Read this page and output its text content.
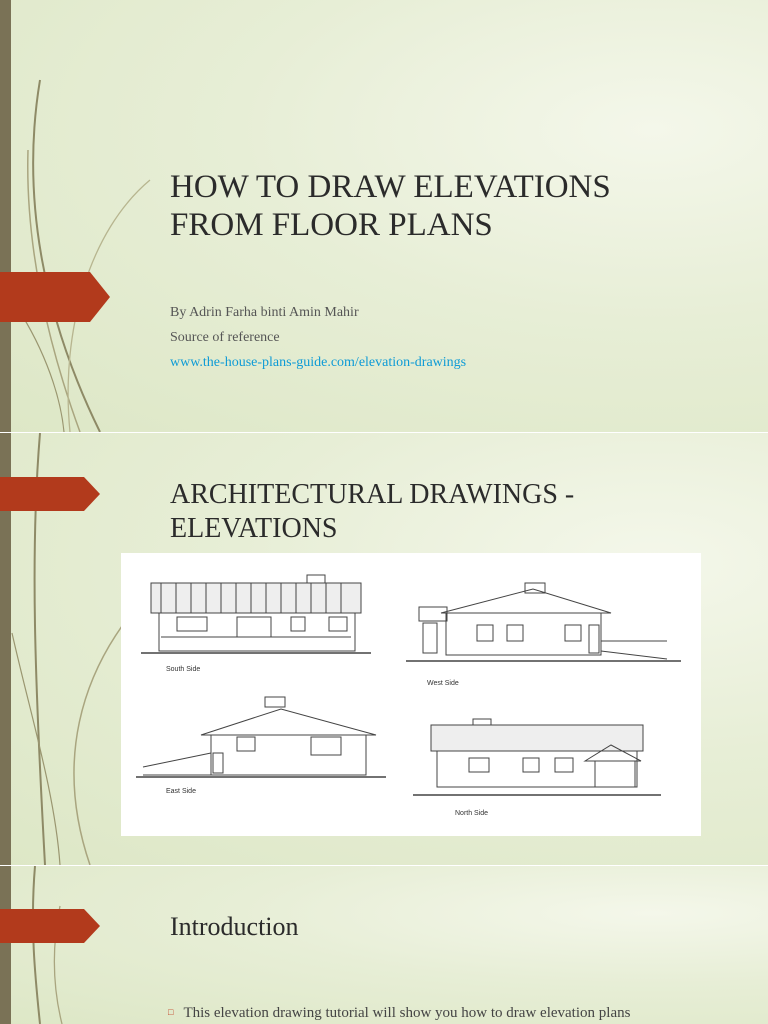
HOW TO DRAW ELEVATIONS
FROM FLOOR PLANS
By Adrin Farha binti Amin Mahir
Source of reference
www.the-house-plans-guide.com/elevation-drawings
ARCHITECTURAL DRAWINGS -
ELEVATIONS
South Side
West Side
East Side
North Side
Introduction
□ This elevation drawing tutorial will show you how to draw elevation plans
